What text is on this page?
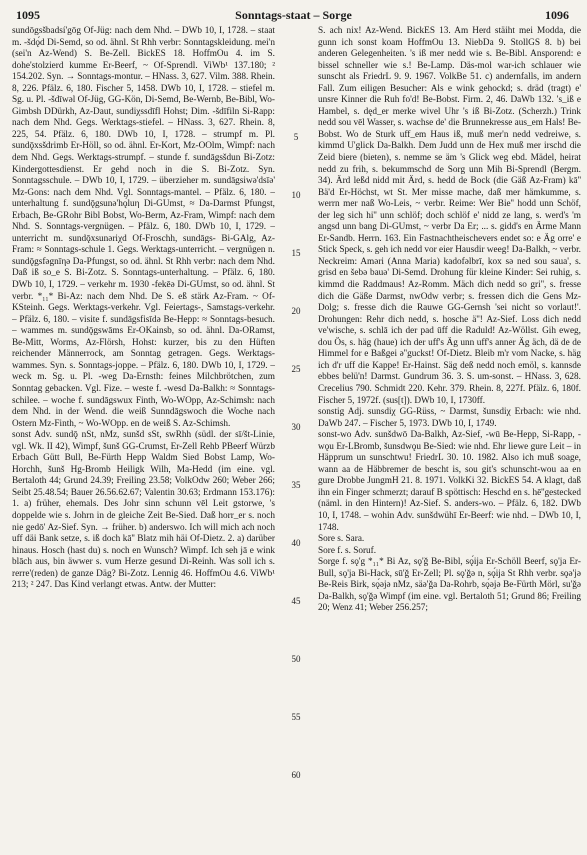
1095	Sonntags-staat – Sorge	1096

sundōgsšbadsí'gōg Of-Jüg: nach dem Nhd. – DWb 10, I, 1728. – staat m. -šdǫ́d Di-Semd, so od. ähnl. St Rhh verbr: Sonntagskleidung. mei'n (sei'n Az-Wend) S. Be-Zell. BickES 18. HoffmOu 4. im S. dohe'stolzierd kumme Er-Beerf, ~ Of-Sprendl. ViWb¹ 137.180; ² 154.202. Syn. → Sonntags-montur. – HNass. 3, 627. Vilm. 388. Rhein. 8, 226. Pfälz. 6, 180. Fischer 5, 1458. DWb 10, I, 1728. – stiefel m. Sg. u. Pl. -šdīwǝl Of-Jüg, GG-Kön, Di-Semd, Be-Wernb, Be-Bibl, Wo-Gimbsh DDürkh, Az-Daut, sundiχssdīfl Hohst; Dim. -šdīfiln Si-Rapp: nach dem Nhd. Gegs. Werktags-stiefel. – HNass. 3, 627. Rhein. 8, 225, 54. Pfälz. 6, 180. DWb 10, I, 1728. – strumpf m. Pl. sundǭxsšdrimb Er-Höll, so od. ähnl. Er-Kort, Mz-OOlm, Wimpf: nach dem Nhd. Gegs. Werktags-strumpf. – stunde f. sundāgsšdun Bi-Zotz: Kindergottesdienst. Er gehd noch in die S. Bi-Zotz. Syn. Sonntagsschule. – DWb 10, I, 1729. – überzieher m. sundāgsiwǝ'dsīǝ' Mz-Gons: nach dem Nhd. Vgl. Sonntags-mantel. – Pfälz. 6, 180. – unterhaltung f. sundǭgsunǝ'hǫ́luη Di-GUmst, ≈ Da-Darmst Pfungst, Erbach, Be-GRohr Bibl Bobst, Wo-Berm, Az-Fram, Wimpf: nach dem Nhd. S. Sonntags-vergnügen. – Pfälz. 6, 180. DWb 10, I, 1729. – unterricht m. sundǭxsunǝriχd Of-Froschh, sundāgs- Bi-GAlg, Az-Fram: ≈ Sonntags-schule 1. Gegs. Werktags-unterricht. – vergnügen n. sundǭgsfǝgnīηǝ Da-Pfungst, so od. ähnl. St Rhh verbr: nach dem Nhd. Daß iß so_e S. Bi-Zotz. S. Sonntags-unterhaltung. – Pfälz. 6, 180. DWb 10, I, 1729. – verkehr m. 1930 -fekēǝ Di-GUmst, so od. ähnl. St verbr. *₁₁* Bi-Az: nach dem Nhd. De S. eß stärk Az-Fram. ~ Of-KSteinh. Gegs. Werktags-verkehr. Vgl. Feiertags-, Samstags-verkehr. – Pfälz. 6, 180. – visite f. sundāgsfisīdǝ Be-Hepp: ≈ Sonntags-besuch. – wammes m. sundǭgswāms Er-OKainsb, so od. ähnl. Da-ORamst, Be-Mitt, Worms, Az-Flörsh, Hohst: kurzer, bis zu den Hüften reichender Männerrock, am Sonntag getragen. Gegs. Werktags-wammes. Syn. s. Sonntags-joppe. – Pfälz. 6, 180. DWb 10, I, 1729. – weck m. Sg. u. Pl. -weg Da-Ernsth: feines Milchbrötchen, zum Sonntag gebacken. Vgl. Fize. – weste f. -wesd Da-Balkh: ≈ Sonntags-schilee. – woche f. sundāgswux Finth, Wo-WOpp, Az-Schimsh: nach dem Nhd. in der Wend. die weiß Sunndāgswoch die Woche nach Ostern Mz-Finth, ~ Wo-WOpp. en de weiß S. Az-Schimsh.

sonst Adv. sundǭ nSt, nMz, sunšd sSt, swRhh (südl. der sī/št-Linie, vgl. Wk. II 42), Wimpf, šunš GG-Crumst, Er-Zell Rehb PBeerf Würzb Erbach Gütt Bull, Be-Fürth Hepp Waldm Sied Bobst Lamp, Wo-Horchh, šunš Hg-Bromb Heiligk Wilh, Ma-Hedd (im eine. vgl. Bertaloth 44; Grund 24.39; Freiling 23.58; VolkOdw 260; Weber 266; Seibt 25.48.54; Bauer 26.56.62.67; Valentin 30.63; Erdmann 153.176): 1. a) früher, ehemals. Des Johr sinn schunn vēl Leit gstorwe, 's doppelde wie s. Johrn in de gleiche Zeit Be-Sied. Daß horr_er s. noch nie gedō' Az-Sief. Syn. → früher. b) anderswo. Ich will mich ach noch uff däi Bank setze, s. iß doch kā'' Blatz mih häi Of-Dietz. 2. a) darüber hinaus. Hosch (hast du) s. noch en Wunsch? Wimpf. Ich seh jā e wink blāch aus, bin äwwer s. vum Herze gesund Di-Reinh. Was soll ich s. rerre'(reden) de ganze Däg? Bi-Zotz. Lennig 46. HoffmOu 4.6. ViWb¹ 213; ² 247. Das Kind verlangt etwas. Antw. der Mutter:

5
10
15
20
25
30
35
40
45
50
55
60

S. ach nix! Az-Wend. BickES 13. Am Herd stäiht mei Modda, die gunn ich sonst koam HoffmOu 13. NiebDa 9. StollGS 8. b) bei anderen Gelegenheiten. 's iß mer nedd wie s. Be-Bibl. Ansporend: e bissel schneller wie s.! Be-Lamp. Däs-mol war-ich schlauer wie sunscht als FriedrL 9. 9. 1967. VolkBe 51. c) andernfalls, im andern Fall. Zum eiligen Besucher: Als e wink gehockd; s. dräd (tragt) e' unsre Kinner die Ruh fo'd! Be-Bobst. Firm. 2, 46. DaWb 132. 's_iß e Hambel, s. dęd_er merke wivel Uhr 's iß Bi-Zotz. (Scherzh.) Trink nedd sou vēl Wasser, s. wachse de' die Brunnekresse aus_em Hals! Be-Bobst. Wo de Sturk uff_em Haus iß, muß mer'n nedd vedreiwe, s. kimmd U'glick Da-Balkh. Dem Judd unn de Hex muß mer irschd die Zeid biere (bieten), s. nemme se äm 's Glick weg ebd. Mädel, heirat nedd zu frih, s. bekummschd de Sorg unn Mih Bi-Sprendl (Bergm. 34). Ärd leßd nidd mit Ärd, s. hedd de Bock (die Gäß Az-Fram) kā'' Bä'd Er-Höchst, wt St. Mer misse mache, daß mer hämkumme, s. werrn mer naß Wo-Leis, ~ verbr. Reime: Wer Bie'' hodd unn Schöf, der leg sich hi'' unn schlöf; doch schlöf e' nidd ze lang, s. werd's 'm angsd unn bang Di-GUmst, ~ verbr Da Er; ... s. gidd's en Ärme Mann Er-Sandb. Herrn. 163. Ein Fastnachtheischevers endet so: e Äg orre' e Stick Speck, s. geh ich nedd vor eier Hausdir weeg! Da-Balkh, ~ verbr. Neckreim: Amǝri (Anna Maria) kadofǝlbrī, kox sǝ ned sou saua', s. grisd en šebǝ bauǝ' Di-Semd. Drohung für kleine Kinder: Sei ruhig, s. kimmd die Raddmaus! Az-Romm. Mäch dich nedd so gri'', s. fresse dich die Gäße Darmst, nwOdw verbr; s. fressen dich die Gens Mz-Dolg; s. fresse dich die Rauwe GG-Gernsh 'sei nicht so vorlaut!'. Drohungen: Rehr dich nedd, s. hosche ä''! Az-Sief. Loss dich nedd ve'wische, s. schlā ich der pad ūff die Raduld! Az-Wöllst. Gih eweg, dou Ös, s. häg (haue) ich der uff's Äg unn uff's anner Äg äch, dä de de Himmel for e Baßgei ǝ''guckst! Of-Dietz. Bleib m'r vom Nacke, s. häg ich d'r uff die Kappe! Er-Hainst. Säg deß nedd noch emöl, s. kannsde ebbes belü'n! Darmst. Gundrum 36. 3. S. um-sonst. – HNass. 3, 628. Crecelius 790. Schmidt 220. Kehr. 379. Rhein. 8, 227f. Pfälz. 6, 180f. Fischer 5, 1972f. (sus[t]). DWb 10, I, 1730ff.

sonstig Adj. sunsdiχ GG-Rüss, ~ Darmst, šunsdiχ Erbach: wie nhd. DaWb 247. – Fischer 5, 1973. DWb 10, I, 1749.

sonst-wo Adv. sunšdwō Da-Balkh, Az-Sief, -wū Be-Hepp, Si-Rapp, -wǫu Er-LBromb, šunsdwǫu Be-Sied: wie nhd. Ehr liewe gure Leit – in Häpprum un sunschtwu! FriedrL 30. 10. 1982. Also ich muß soage, wann aa de Häbbremer de bescht is, sou git's schunscht-wou aa en gure Drobbe JungmH 21. 8. 1971. VolkKi 32. BickES 54. A klagt, daß ihn ein Finger schmerzt; darauf B spöttisch: Heschd en s. hē''gestecked (näml. in den Hintern)! Az-Sief. S. anders-wo. – Pfälz. 6, 182. DWb 10, I, 1748. – wohin Adv. sunšdwühī Er-Beerf: wie nhd. – DWb 10, I, 1748.

Sore s. Sara.

Sore f. s. Soruf.

Sorge f. sǫ'g *₁₁* Bi Az, sǫ'ǧ Be-Bibl, sǫ́ija Er-Schöll Beerf, sǫ'ja Er-Bull, sǫ'ja Bi-Hack, sū'ǧ Er-Zell; Pl. sǫ'ǧǝ n, sǫ́ija St Rhh verbr. sǫǝ'jǝ Be-Reis Birk, sǫ́ǝjǝ nMz, säǝ'ǧa Da-Rohrb, sǫ́ǝjǝ Be-Fürth Mörl, su'ǧǝ Da-Balkh, sǫ'ǧǝ Wimpf (im eine. vgl. Bertaloth 51; Grund 86; Freiling 20; Wenz 41; Weber 256.257;
